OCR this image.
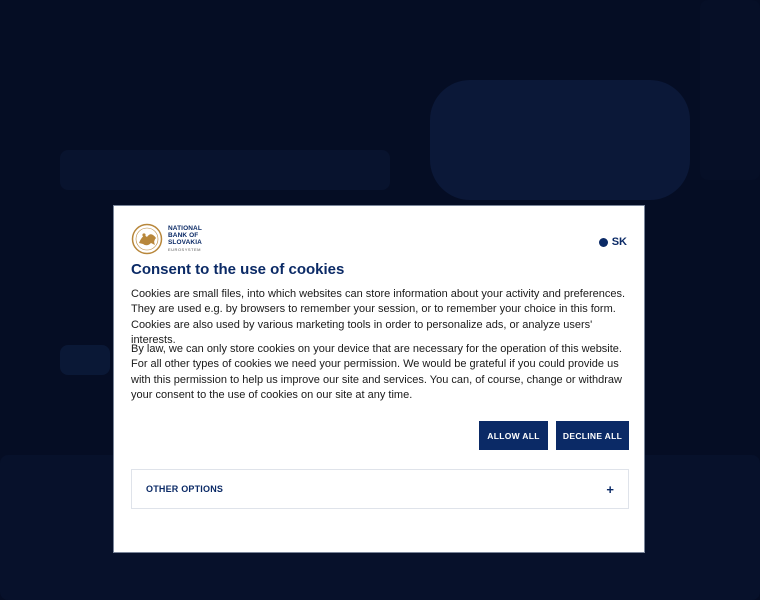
NATIONAL
BANK OF
SLOVAKIA
EUROSYSTEM
SK
Consent to the use of cookies

Cookies are small files, into which websites can store information about your activity and preferences. They are used e.g. by browsers to remember your session, or to remember your choice in this form. Cookies are also used by various marketing tools in order to personalize ads, or analyze users' interests.

By law, we can only store cookies on your device that are necessary for the operation of this website. For all other types of cookies we need your permission. We would be grateful if you could provide us with this permission to help us improve our site and services. You can, of course, change or withdraw your consent to the use of cookies on our site at any time.

ALLOW ALL	DECLINE ALL
OTHER OPTIONS	+
